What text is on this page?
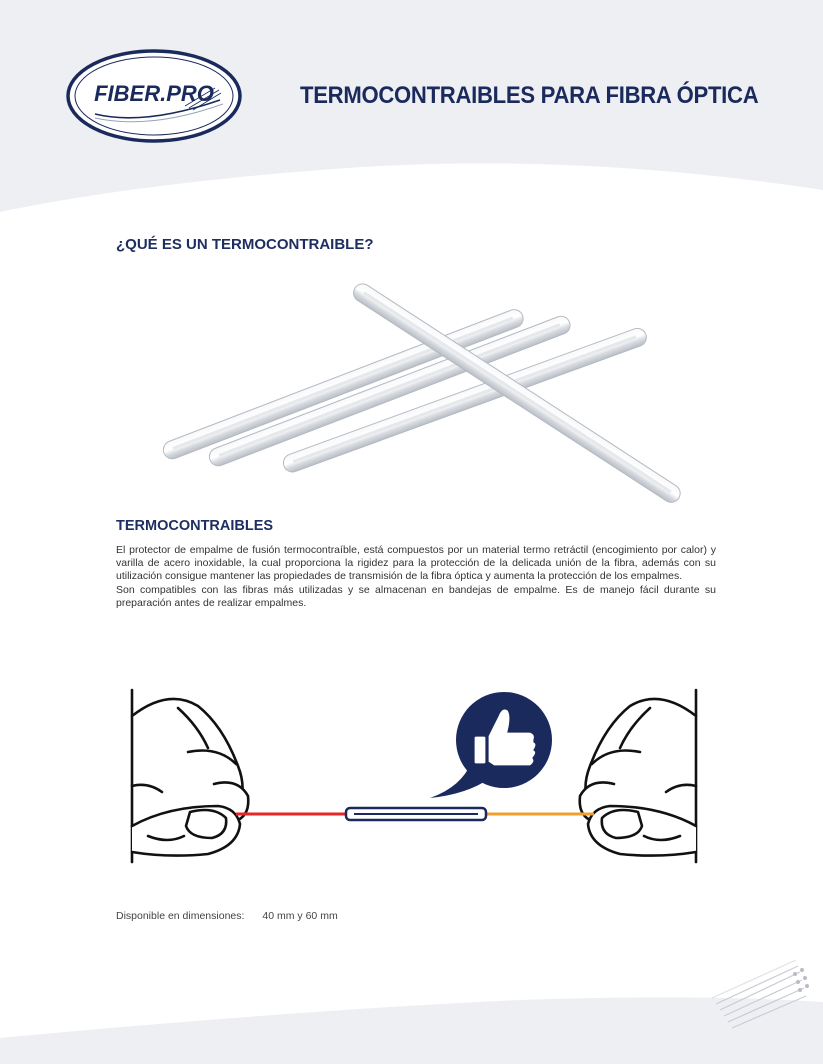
FIBER.PRO	TERMOCONTRAIBLES PARA FIBRA ÓPTICA
¿QUÉ ES UN TERMOCONTRAIBLE?
TERMOCONTRAIBLES

El protector de empalme de fusión termocontraíble, está compuestos por un material termo retráctil (encogimiento por calor) y varilla de acero inoxidable, la cual proporciona la rigidez para la protección de la delicada unión de la fibra, además con su utilización consigue mantener las propiedades de transmisión de la fibra óptica y aumenta la protección de los empalmes.

Son compatibles con las fibras más utilizadas y se almacenan en bandejas de empalme. Es de manejo fácil durante su preparación antes de realizar empalmes.

Disponible en dimensiones: 40 mm y 60 mm
